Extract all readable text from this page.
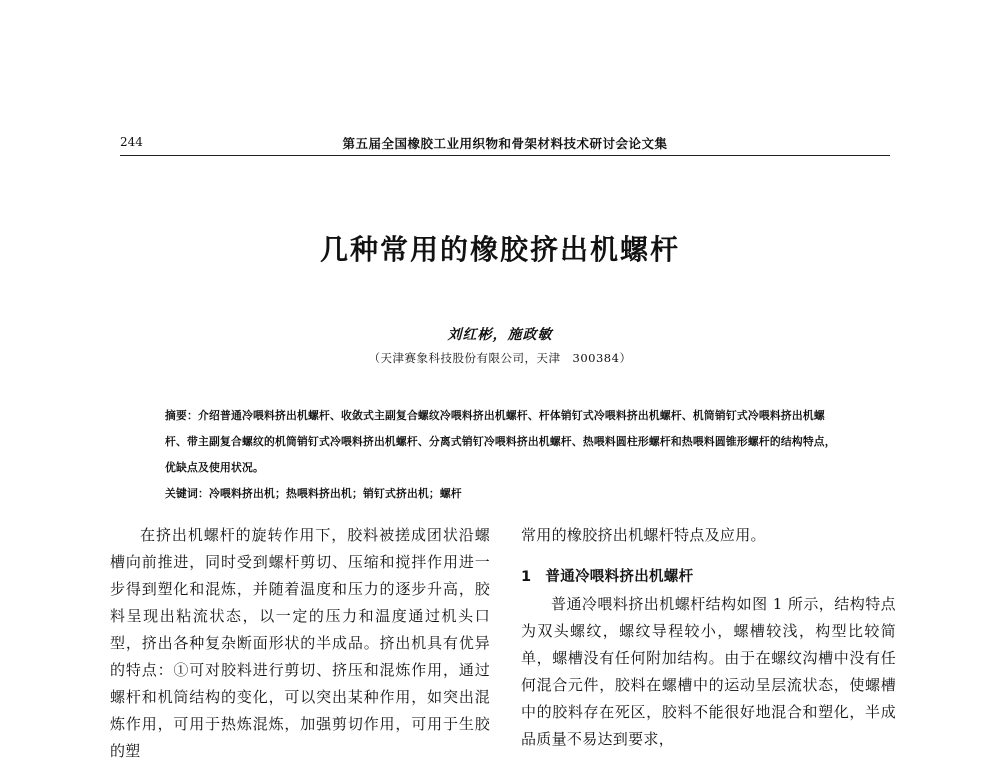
244	第五届全国橡胶工业用织物和骨架材料技术研讨会论文集
几种常用的橡胶挤出机螺杆
刘红彬，施政敏
（天津赛象科技股份有限公司，天津　300384）

摘要：介绍普通冷喂料挤出机螺杆、收敛式主副复合螺纹冷喂料挤出机螺杆、杆体销钉式冷喂料挤出机螺杆、机筒销钉式冷喂料挤出机螺杆、带主副复合螺纹的机筒销钉式冷喂料挤出机螺杆、分离式销钉冷喂料挤出机螺杆、热喂料圆柱形螺杆和热喂料圆锥形螺杆的结构特点，优缺点及使用状况。

关键词：冷喂料挤出机；热喂料挤出机；销钉式挤出机；螺杆

在挤出机螺杆的旋转作用下，胶料被搓成团状沿螺槽向前推进，同时受到螺杆剪切、压缩和搅拌作用进一步得到塑化和混炼，并随着温度和压力的逐步升高，胶料呈现出粘流状态，以一定的压力和温度通过机头口型，挤出各种复杂断面形状的半成品。挤出机具有优异的特点：①可对胶料进行剪切、挤压和混炼作用，通过螺杆和机筒结构的变化，可以突出某种作用，如突出混炼作用，可用于热炼混炼，加强剪切作用，可用于生胶的塑

常用的橡胶挤出机螺杆特点及应用。

1 普通冷喂料挤出机螺杆

普通冷喂料挤出机螺杆结构如图 1 所示，结构特点为双头螺纹，螺纹导程较小，螺槽较浅，构型比较简单，螺槽没有任何附加结构。由于在螺纹沟槽中没有任何混合元件，胶料在螺槽中的运动呈层流状态，使螺槽中的胶料存在死区，胶料不能很好地混合和塑化，半成品质量不易达到要求，
